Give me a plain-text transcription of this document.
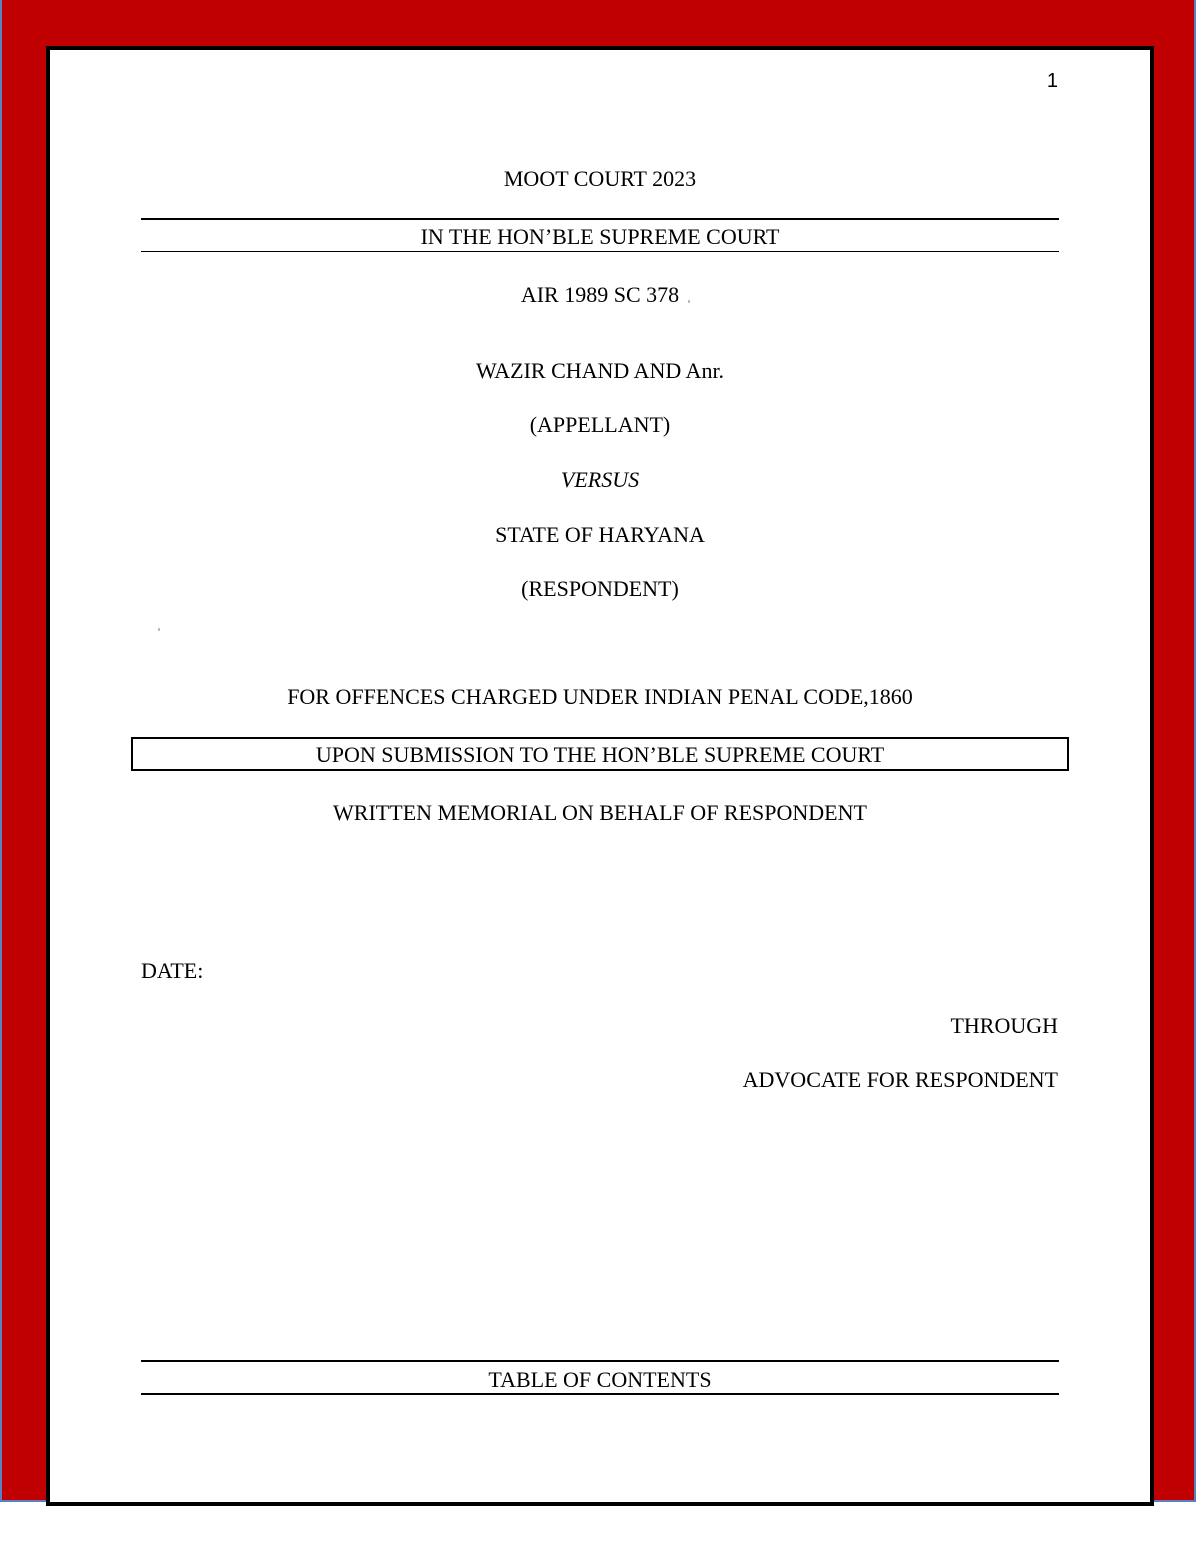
1
MOOT COURT 2023
IN THE HON’BLE SUPREME COURT
AIR 1989 SC 378
WAZIR CHAND AND Anr.
(APPELLANT)
VERSUS
STATE OF HARYANA
(RESPONDENT)
FOR OFFENCES CHARGED UNDER INDIAN PENAL CODE,1860
UPON SUBMISSION TO THE HON’BLE SUPREME COURT
WRITTEN MEMORIAL ON BEHALF OF RESPONDENT
DATE:
THROUGH
ADVOCATE FOR RESPONDENT
TABLE OF CONTENTS
